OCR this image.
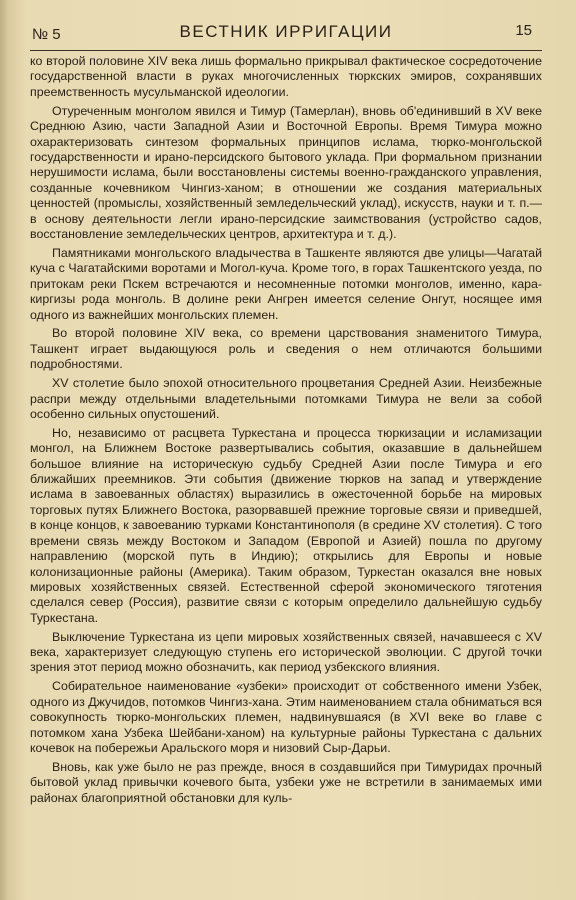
№ 5	ВЕСТНИК ИРРИГАЦИИ	15

ко второй половине XIV века лишь формально прикрывал фактическое сосредоточение государственной власти в руках многочисленных тюркских эмиров, сохранявших преемственность мусульманской идеологии.

Отуреченным монголом явился и Тимур (Тамерлан), вновь об'единивший в XV веке Среднюю Азию, части Западной Азии и Восточной Европы. Время Тимура можно охарактеризовать синтезом формальных принципов ислама, тюрко-монгольской государственности и ирано-персидского бытового уклада. При формальном признании нерушимости ислама, были восстановлены системы военно-гражданского управления, созданные кочевником Чингиз-ханом; в отношении же создания материальных ценностей (промыслы, хозяйственный земледельческий уклад), искусств, науки и т. п.—в основу деятельности легли ирано-персидские заимствования (устройство садов, восстановление земледельческих центров, архитектура и т. д.).

Памятниками монгольского владычества в Ташкенте являются две улицы—Чагатай куча с Чагатайскими воротами и Могол-куча. Кроме того, в горах Ташкентского уезда, по притокам реки Пскем встречаются и несомненные потомки монголов, именно, кара-киргизы рода монголь. В долине реки Ангрен имеется селение Онгут, носящее имя одного из важнейших монгольских племен.

Во второй половине XIV века, со времени царствования знаменитого Тимура, Ташкент играет выдающуюся роль и сведения о нем отличаются большими подробностями.

XV столетие было эпохой относительного процветания Средней Азии. Неизбежные распри между отдельными владетельными потомками Тимура не вели за собой особенно сильных опустошений.

Но, независимо от расцвета Туркестана и процесса тюркизации и исламизации монгол, на Ближнем Востоке развертывались события, оказавшие в дальнейшем большое влияние на историческую судьбу Средней Азии после Тимура и его ближайших преемников. Эти события (движение тюрков на запад и утверждение ислама в завоеванных областях) выразились в ожесточенной борьбе на мировых торговых путях Ближнего Востока, разорвавшей прежние торговые связи и приведшей, в конце концов, к завоеванию турками Константинополя (в средине XV столетия). С того времени связь между Востоком и Западом (Европой и Азией) пошла по другому направлению (морской путь в Индию); открылись для Европы и новые колонизационные районы (Америка). Таким образом, Туркестан оказался вне новых мировых хозяйственных связей. Естественной сферой экономического тяготения сделался север (Россия), развитие связи с которым определило дальнейшую судьбу Туркестана.

Выключение Туркестана из цепи мировых хозяйственных связей, начавшееся с XV века, характеризует следующую ступень его исторической эволюции. С другой точки зрения этот период можно обозначить, как период узбекского влияния.

Собирательное наименование «узбеки» происходит от собственного имени Узбек, одного из Джучидов, потомков Чингиз-хана. Этим наименованием стала обниматься вся совокупность тюрко-монгольских племен, надвинувшаяся (в XVI веке во главе с потомком хана Узбека Шейбани-ханом) на культурные районы Туркестана с дальних кочевок на побережьи Аральского моря и низовий Сыр-Дарьи.

Вновь, как уже было не раз прежде, внося в создавшийся при Тимуридах прочный бытовой уклад привычки кочевого быта, узбеки уже не встретили в занимаемых ими районах благоприятной обстановки для куль-
